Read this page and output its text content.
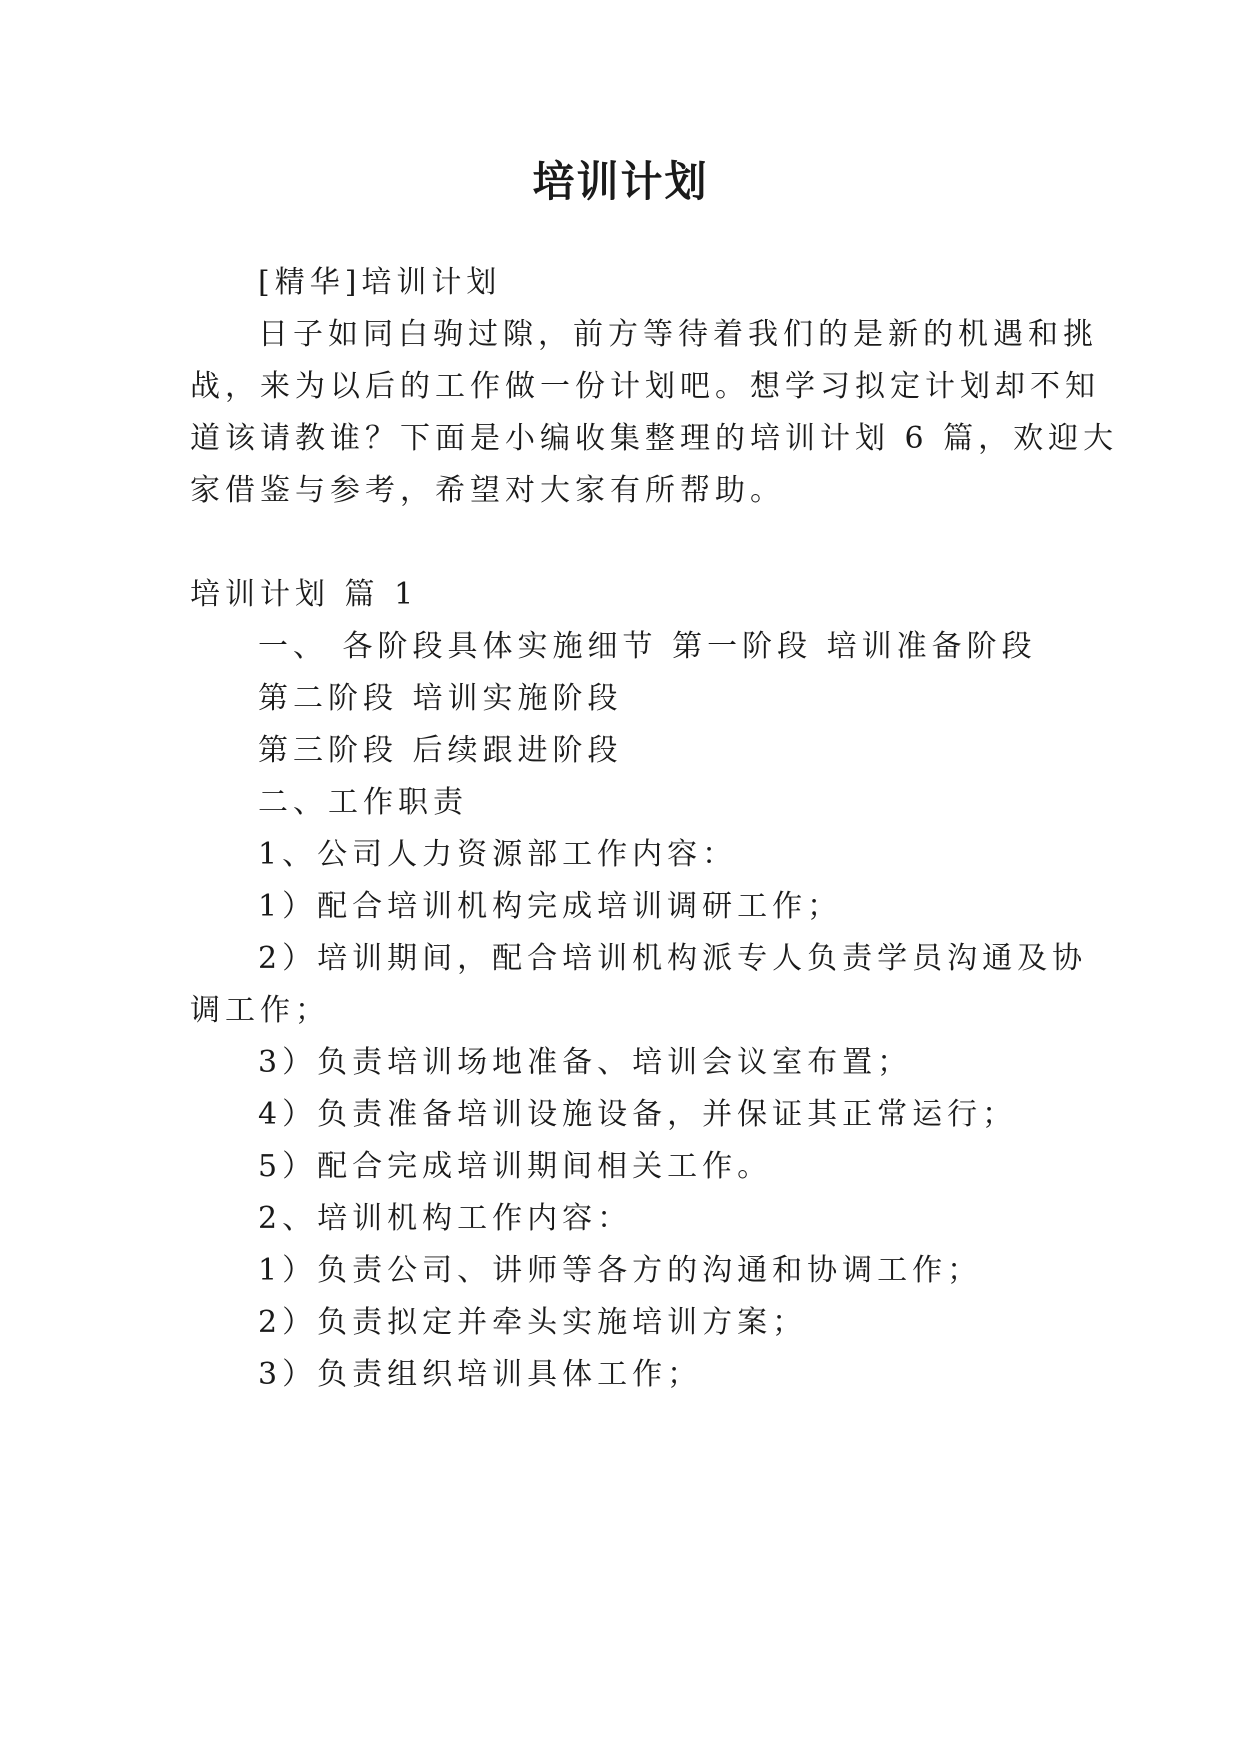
培训计划

[精华]培训计划

日子如同白驹过隙，前方等待着我们的是新的机遇和挑

战，来为以后的工作做一份计划吧。想学习拟定计划却不知

道该请教谁？下面是小编收集整理的培训计划 6 篇，欢迎大

家借鉴与参考，希望对大家有所帮助。

培训计划 篇 1

一、 各阶段具体实施细节 第一阶段 培训准备阶段

第二阶段 培训实施阶段

第三阶段 后续跟进阶段

二、工作职责

1、公司人力资源部工作内容：

1）配合培训机构完成培训调研工作；

2）培训期间，配合培训机构派专人负责学员沟通及协

调工作；

3）负责培训场地准备、培训会议室布置；

4）负责准备培训设施设备，并保证其正常运行；

5）配合完成培训期间相关工作。

2、培训机构工作内容：

1）负责公司、讲师等各方的沟通和协调工作；

2）负责拟定并牵头实施培训方案；

3）负责组织培训具体工作；
